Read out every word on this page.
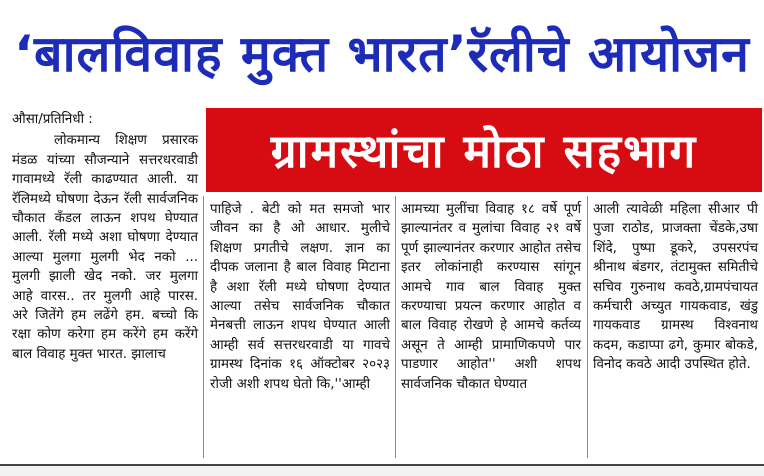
‘बालविवाह मुक्त भारत’रॅलीचे आयोजन
ग्रामस्थांचा मोठा सहभाग

औसा/प्रतिनिधी :

लोकमान्य शिक्षण प्रसारक मंडळ यांच्या सौजन्याने सत्तरधरवाडी गावामध्ये रॅली काढण्यात आली. या रॅलिमध्ये घोषणा देऊन रॅली सार्वजनिक चौकात कॅंडल लाऊन शपथ घेण्यात आली. रॅली मध्ये अशा घोषणा देण्यात आल्या मुलगा मुलगी भेद नको ... मुलगी झाली खेद नको. जर मुलगा आहे वारस.. तर मुलगी आहे पारस. अरे जितेंगे हम लढेंगे हम. बच्चो कि रक्षा कोण करेगा हम करेंगे हम करेंगे बाल विवाह मुक्त भारत. झालाच

पाहिजे . बेटी को मत समजो भार जीवन का है ओ आधार. मुलीचे शिक्षण प्रगतीचे लक्षण. ज्ञान का दीपक जलाना है बाल विवाह मिटाना है अशा रॅली मध्ये घोषणा देण्यात आल्या तसेच सार्वजनिक चौकात मेनबत्ती लाऊन शपथ घेण्यात आली आम्ही सर्व सत्तरधरवाडी या गावचे ग्रामस्थ दिनांक १६ ऑक्टोबर २०२३ रोजी अशी शपथ घेतो कि,''आम्ही

आमच्या मुलींचा विवाह १८ वर्षे पूर्ण झाल्यानंतर व मुलांचा विवाह २१ वर्षे पूर्ण झाल्यानंतर करणार आहोत तसेच इतर लोकांनाही करण्यास सांगून आमचे गाव बाल विवाह मुक्त करण्याचा प्रयत्न करणार आहोत व बाल विवाह रोखणे हे आमचे कर्तव्य असून ते आम्ही प्रामाणिकपणे पार पाडणार आहोत'' अशी शपथ सार्वजनिक चौकात घेण्यात

आली त्यावेळी महिला सीआर पी पुजा राठोड, प्राजक्ता चेंडके,उषा शिंदे, पुष्पा डूकरे, उपसरपंच श्रीनाथ बंडगर, तंटामुक्त समितीचे सचिव गुरुनाथ कवठे,ग्रामपंचायत कर्मचारी अच्युत गायकवाड, खंडु गायकवाड ग्रामस्थ विश्वनाथ कदम, कडाप्पा ढगे, कुमार बोकडे, विनोद कवठे आदी उपस्थित होते.
